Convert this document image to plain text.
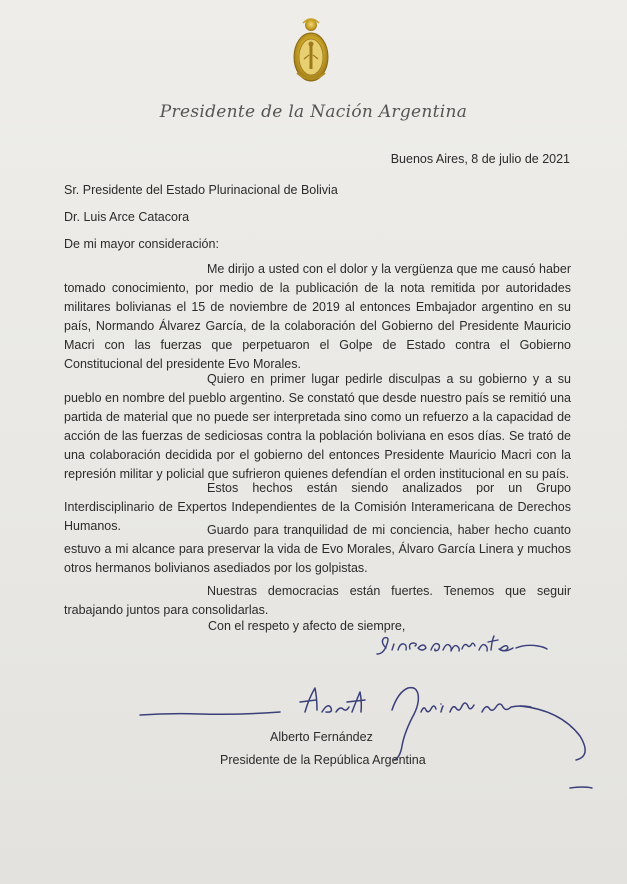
Presidente de la Nación Argentina
Buenos Aires, 8 de julio de 2021
Sr. Presidente del Estado Plurinacional de Bolivia
Dr. Luis Arce Catacora
De mi mayor consideración:
Me dirijo a usted con el dolor y la vergüenza que me causó haber tomado conocimiento, por medio de la publicación de la nota remitida por autoridades militares bolivianas el 15 de noviembre de 2019 al entonces Embajador argentino en su país, Normando Álvarez García, de la colaboración del Gobierno del Presidente Mauricio Macri con las fuerzas que perpetuaron el Golpe de Estado contra el Gobierno Constitucional del presidente Evo Morales.
Quiero en primer lugar pedirle disculpas a su gobierno y a su pueblo en nombre del pueblo argentino. Se constató que desde nuestro país se remitió una partida de material que no puede ser interpretada sino como un refuerzo a la capacidad de acción de las fuerzas de sediciosas contra la población boliviana en esos días. Se trató de una colaboración decidida por el gobierno del entonces Presidente Mauricio Macri con la represión militar y policial que sufrieron quienes defendían el orden institucional en su país.
Estos hechos están siendo analizados por un Grupo Interdisciplinario de Expertos Independientes de la Comisión Interamericana de Derechos Humanos.	Guardo para tranquilidad de mi conciencia, haber hecho cuanto estuvo a mi alcance para preservar la vida de Evo Morales, Álvaro García Linera y muchos otros hermanos bolivianos asediados por los golpistas.
Nuestras democracias están fuertes. Tenemos que seguir trabajando juntos para consolidarlas.
Con el respeto y afecto de siempre,
Alberto Fernández
Presidente de la República Argentina
